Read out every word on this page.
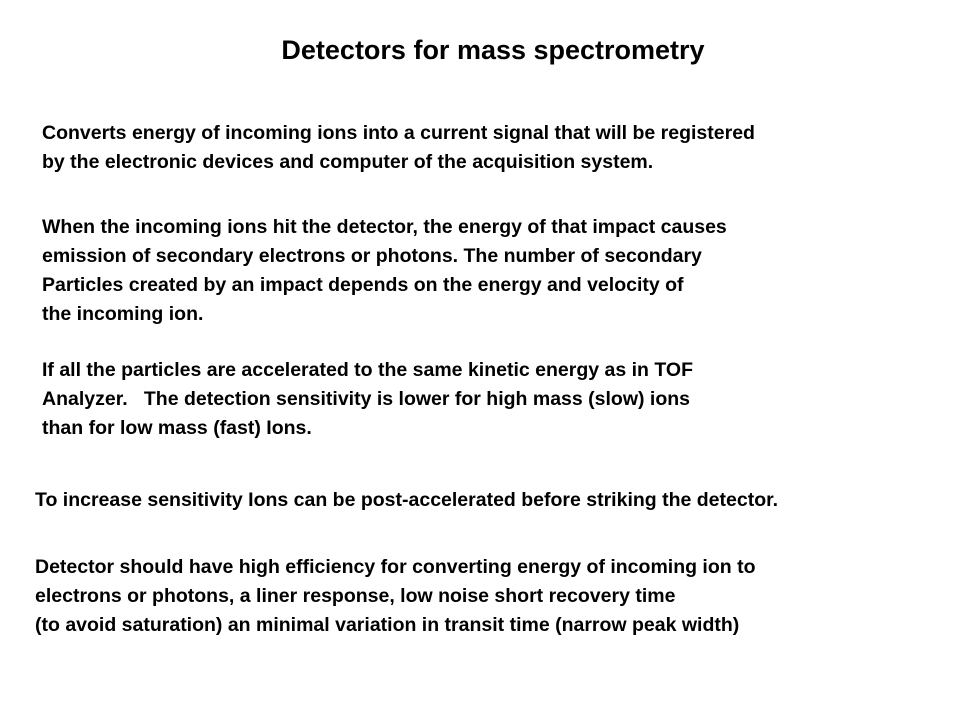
Detectors for mass spectrometry
Converts energy of incoming ions into a current signal that will be registered
by the electronic devices and computer of the acquisition system.
When the incoming ions hit the detector, the energy of that impact causes
emission of secondary electrons or photons. The number of secondary
Particles created by an impact depends on the energy and velocity of
the incoming ion.
If all the particles are accelerated to the same kinetic energy as in TOF
Analyzer.   The detection sensitivity is lower for high mass (slow) ions
than for low mass (fast) Ions.
To increase sensitivity Ions can be post-accelerated before striking the detector.
Detector should have high efficiency for converting energy of incoming ion to
electrons or photons, a liner response, low noise short recovery time
(to avoid saturation) an minimal variation in transit time (narrow peak width)
